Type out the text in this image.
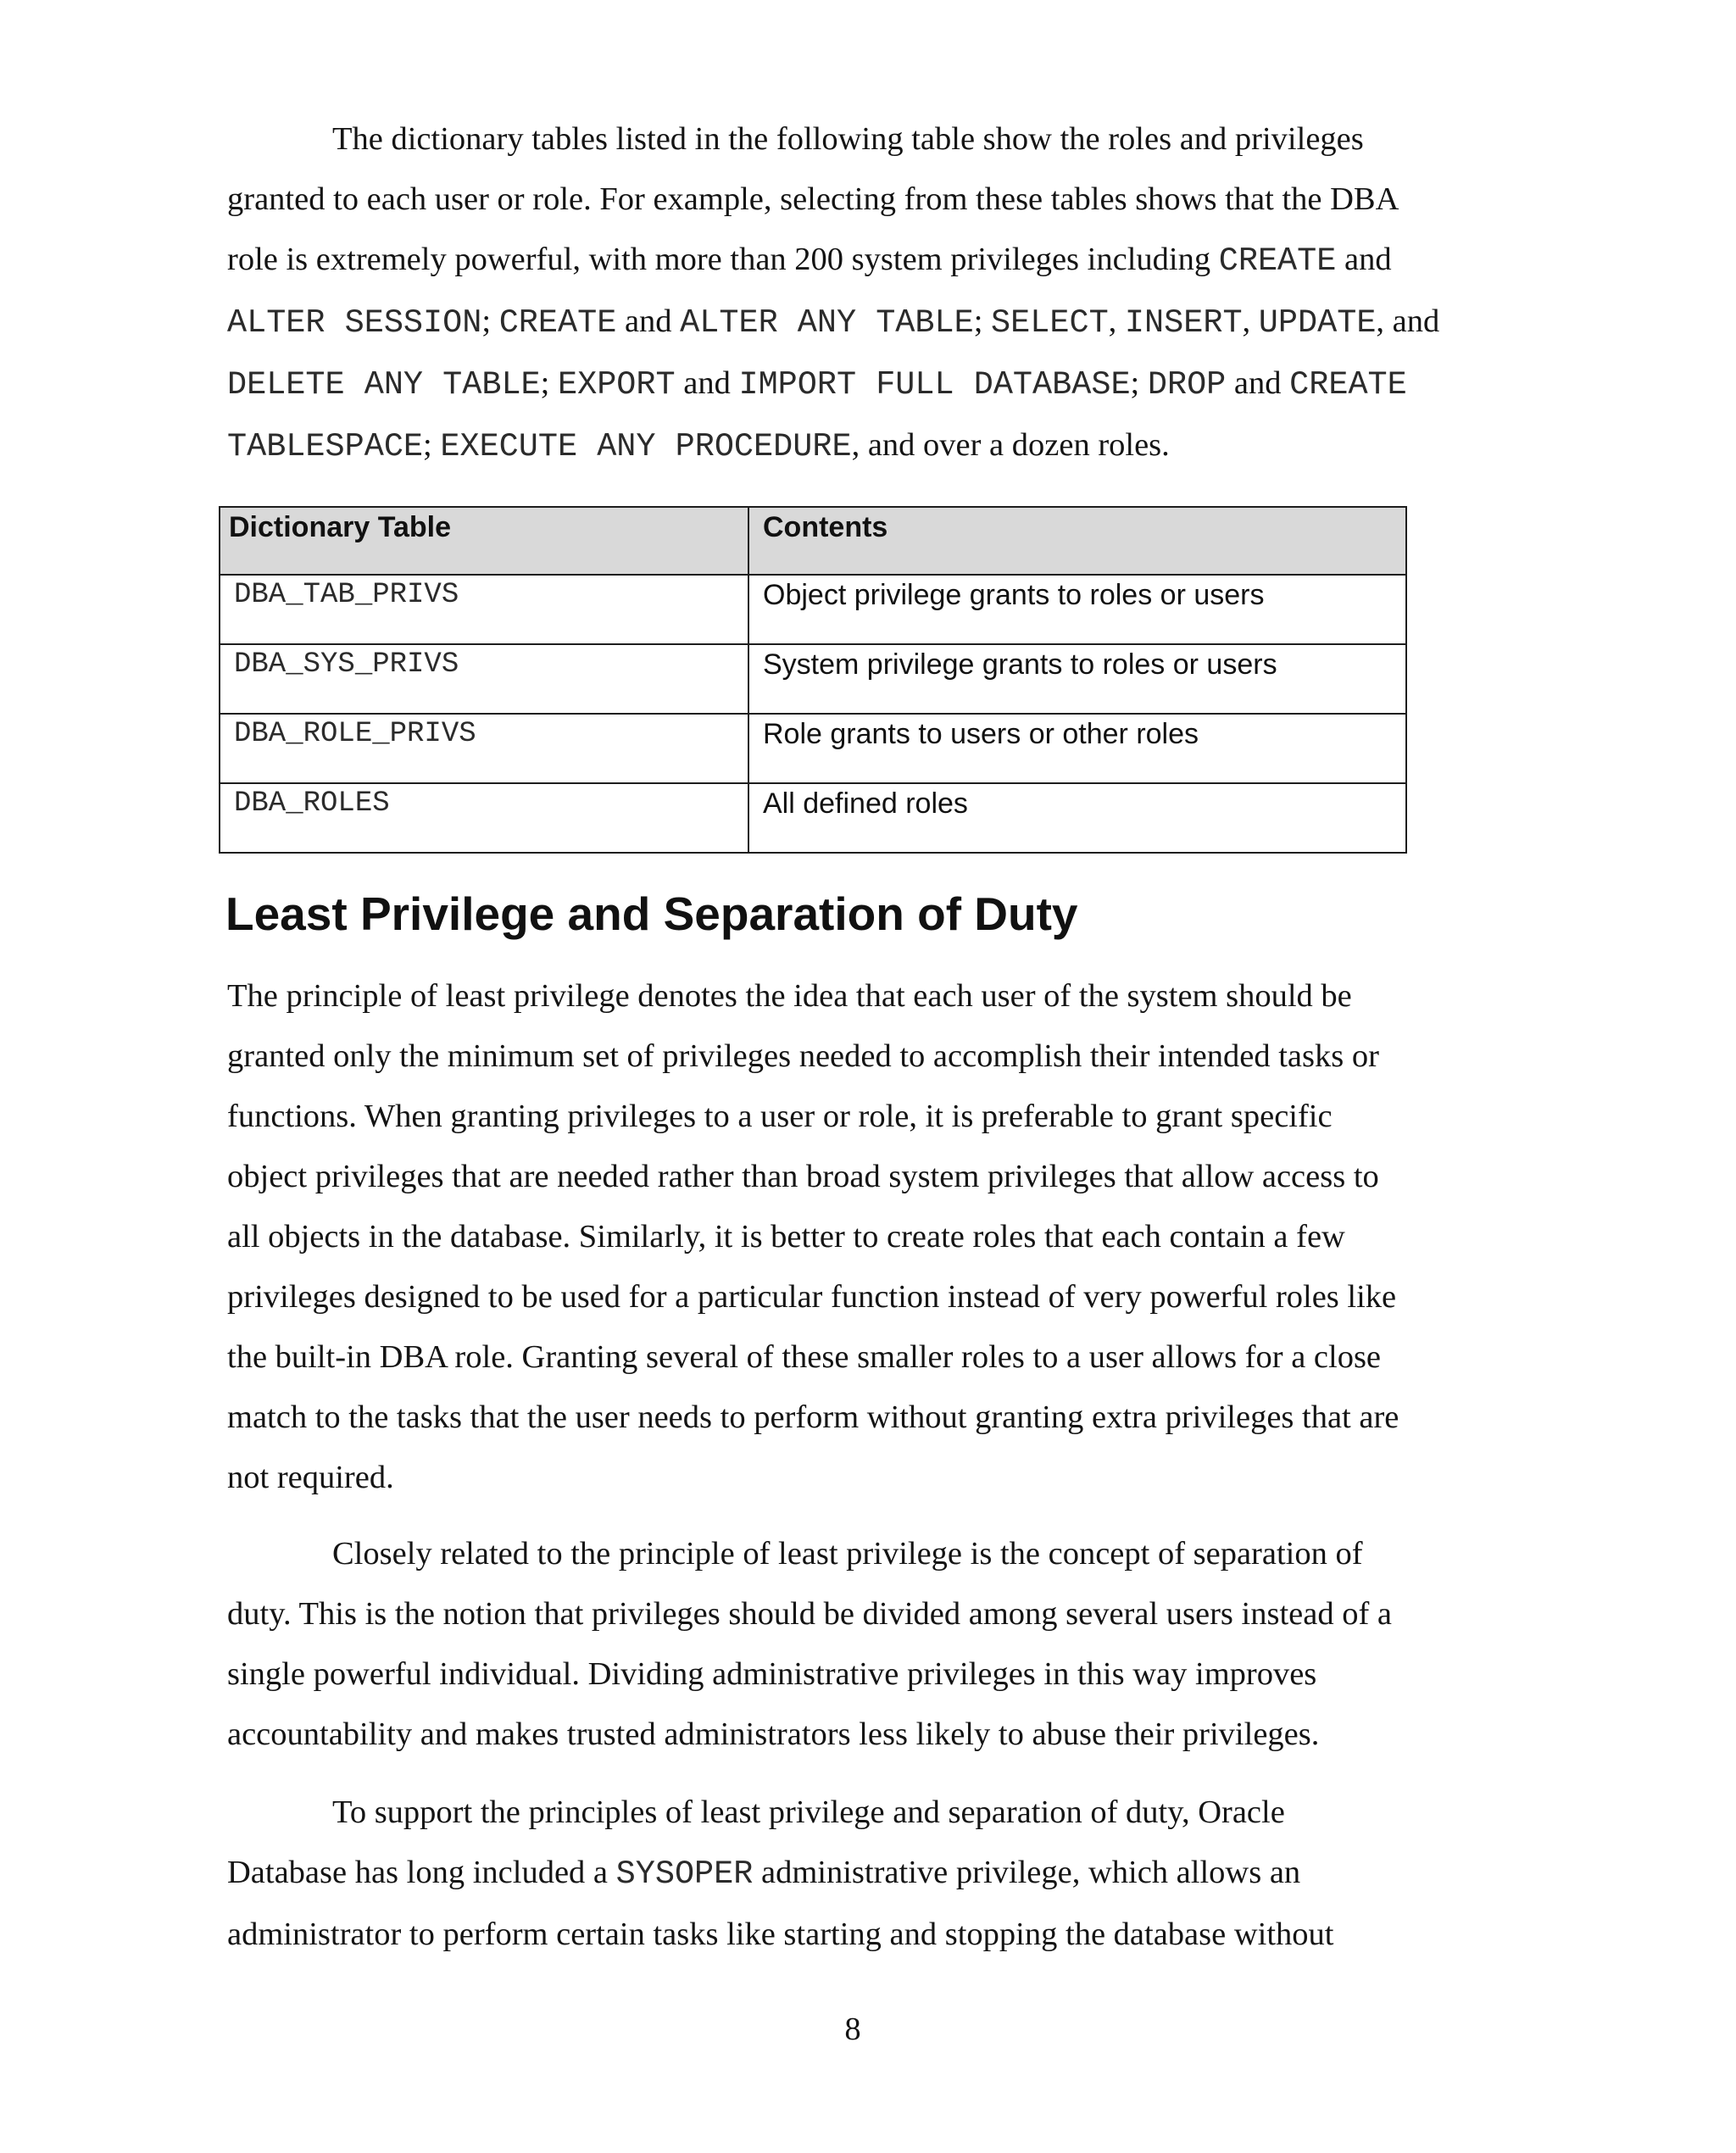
The dictionary tables listed in the following table show the roles and privileges
granted to each user or role. For example, selecting from these tables shows that the DBA
role is extremely powerful, with more than 200 system privileges including CREATE and
ALTER SESSION; CREATE and ALTER ANY TABLE; SELECT, INSERT, UPDATE, and
DELETE ANY TABLE; EXPORT and IMPORT FULL DATABASE; DROP and CREATE
TABLESPACE; EXECUTE ANY PROCEDURE, and over a dozen roles.
Dictionary Table	Contents
DBA_TAB_PRIVS	Object privilege grants to roles or users
DBA_SYS_PRIVS	System privilege grants to roles or users
DBA_ROLE_PRIVS	Role grants to users or other roles
DBA_ROLES	All defined roles
Least Privilege and Separation of Duty
The principle of least privilege denotes the idea that each user of the system should be
granted only the minimum set of privileges needed to accomplish their intended tasks or
functions. When granting privileges to a user or role, it is preferable to grant specific
object privileges that are needed rather than broad system privileges that allow access to
all objects in the database. Similarly, it is better to create roles that each contain a few
privileges designed to be used for a particular function instead of very powerful roles like
the built-in DBA role. Granting several of these smaller roles to a user allows for a close
match to the tasks that the user needs to perform without granting extra privileges that are
not required.
Closely related to the principle of least privilege is the concept of separation of
duty. This is the notion that privileges should be divided among several users instead of a
single powerful individual. Dividing administrative privileges in this way improves
accountability and makes trusted administrators less likely to abuse their privileges.
To support the principles of least privilege and separation of duty, Oracle
Database has long included a SYSOPER administrative privilege, which allows an
administrator to perform certain tasks like starting and stopping the database without
8
